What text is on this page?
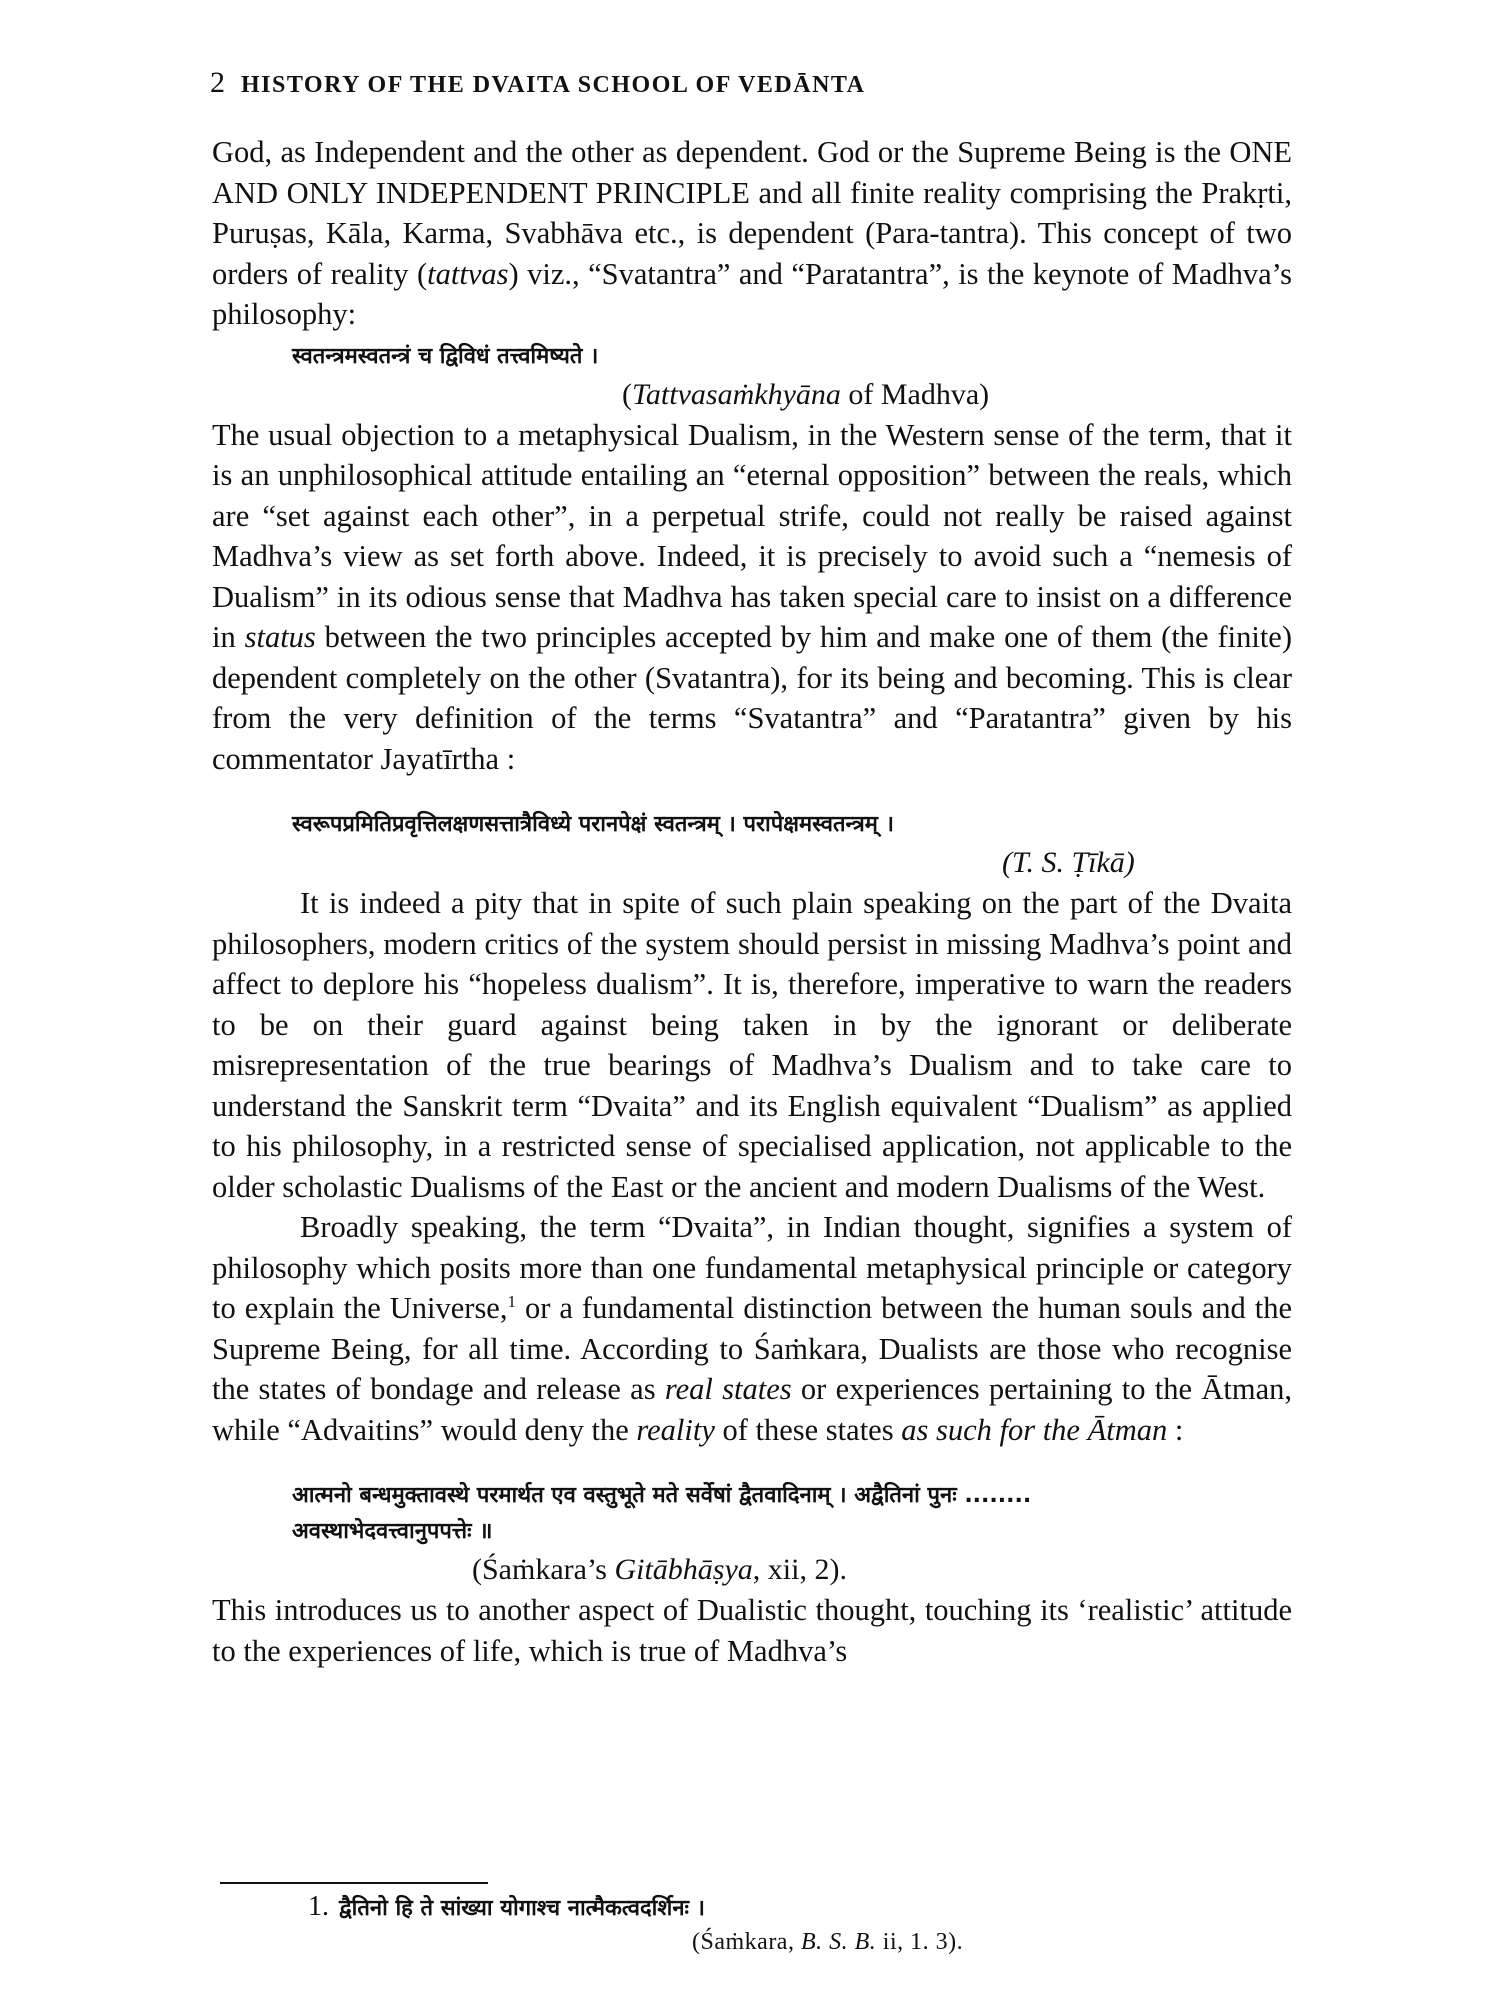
2 HISTORY OF THE DVAITA SCHOOL OF VEDĀNTA

God, as Independent and the other as dependent. God or the Supreme Being is the ONE AND ONLY INDEPENDENT PRINCIPLE and all finite reality comprising the Prakṛti, Puruṣas, Kāla, Karma, Svabhāva etc., is dependent (Para-tantra). This concept of two orders of reality (tattvas) viz., “Svatantra” and “Paratantra”, is the keynote of Madhva’s philosophy:

स्वतन्त्रमस्वतन्त्रं च द्विविधं तत्त्वमिष्यते ।
(Tattvasaṁkhyāna of Madhva)

The usual objection to a metaphysical Dualism, in the Western sense of the term, that it is an unphilosophical attitude entailing an “eternal opposition” between the reals, which are “set against each other”, in a perpetual strife, could not really be raised against Madhva’s view as set forth above. Indeed, it is precisely to avoid such a “nemesis of Dualism” in its odious sense that Madhva has taken special care to insist on a difference in status between the two principles accepted by him and make one of them (the finite) dependent completely on the other (Svatantra), for its being and becoming. This is clear from the very definition of the terms “Svatantra” and “Paratantra” given by his commentator Jayatīrtha :

स्वरूपप्रमितिप्रवृत्तिलक्षणसत्तात्रैविध्ये परानपेक्षं स्वतन्त्रम् । परापेक्षमस्वतन्त्रम् ।
(T. S. Ṭīkā)

It is indeed a pity that in spite of such plain speaking on the part of the Dvaita philosophers, modern critics of the system should persist in missing Madhva’s point and affect to deplore his “hopeless dualism”. It is, therefore, imperative to warn the readers to be on their guard against being taken in by the ignorant or deliberate misrepresentation of the true bearings of Madhva’s Dualism and to take care to understand the Sanskrit term “Dvaita” and its English equivalent “Dualism” as applied to his philosophy, in a restricted sense of specialised application, not applicable to the older scholastic Dualisms of the East or the ancient and modern Dualisms of the West.

Broadly speaking, the term “Dvaita”, in Indian thought, signifies a system of philosophy which posits more than one fundamental metaphysical principle or category to explain the Universe,$^1$ or a fundamental distinction between the human souls and the Supreme Being, for all time. According to Śaṁkara, Dualists are those who recognise the states of bondage and release as real states or experiences pertaining to the Ātman, while “Advaitins” would deny the reality of these states as such for the Ātman :

आत्मनो बन्धमुक्तावस्थे परमार्थत एव वस्तुभूते मते सर्वेषां द्वैतवादिनाम् । अद्वैतिनां पुनः ........
अवस्थाभेदवत्त्वानुपपत्तेः ॥
(Śaṁkara’s Gitābhāṣya, xii, 2).

This introduces us to another aspect of Dualistic thought, touching its ‘realistic’ attitude to the experiences of life, which is true of Madhva’s

1. द्वैतिनो हि ते सांख्या योगाश्च नात्मैकत्वदर्शिनः ।
(Śaṁkara, B. S. B. ii, 1. 3).
